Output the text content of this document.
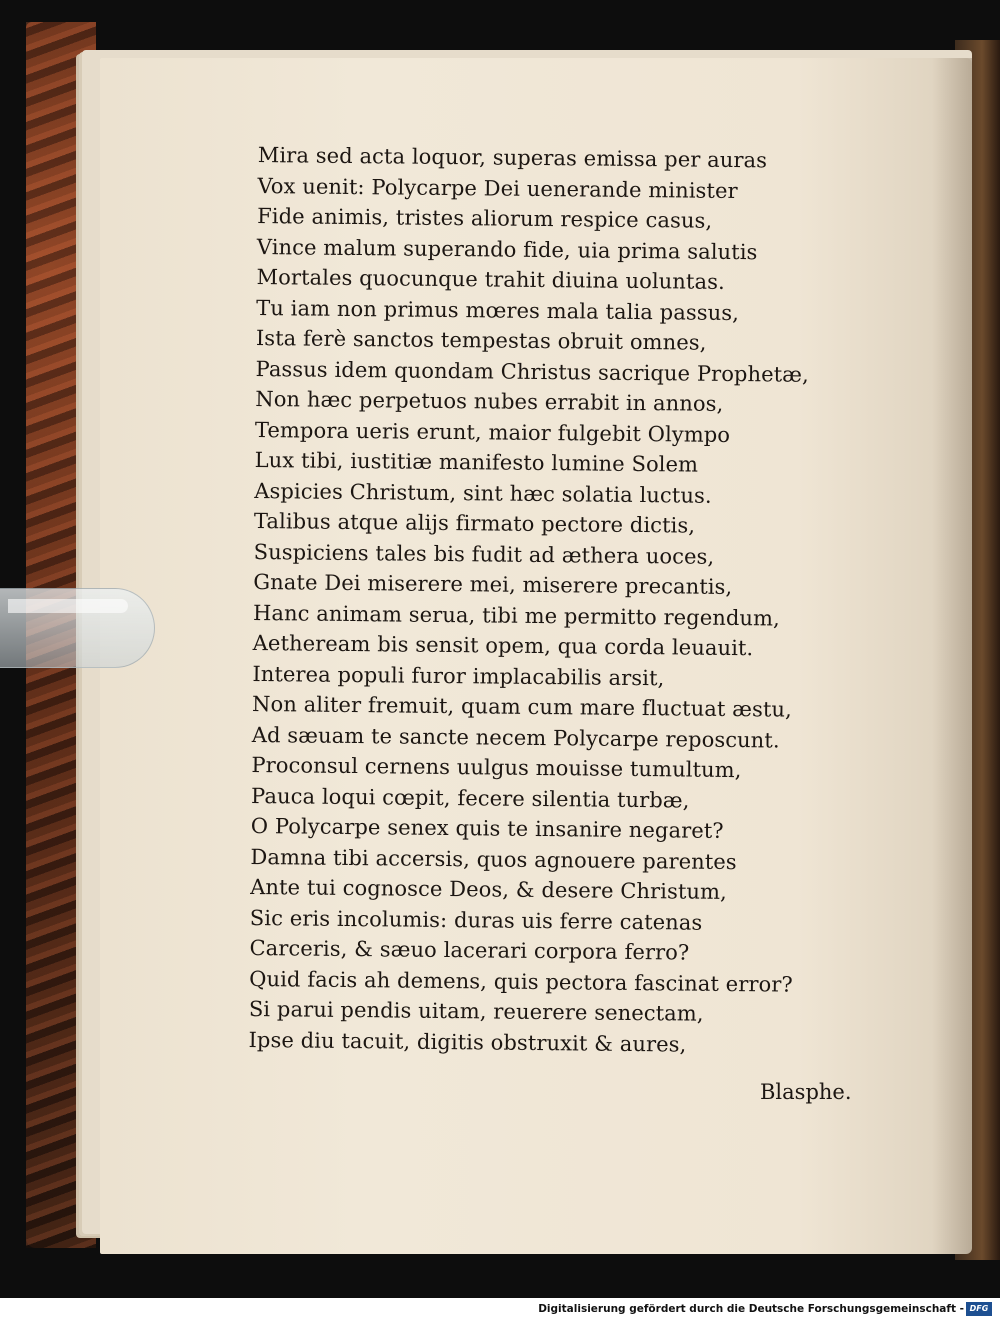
Mira sed acta loquor, superas emissa per auras
Vox uenit: Polycarpe Dei uenerande minister
Fide animis, tristes aliorum respice casus,
Vince malum superando fide, uia prima salutis
Mortales quocunque trahit diuina uoluntas.
Tu iam non primus mœres mala talia passus,
Ista ferè sanctos tempestas obruit omnes,
Passus idem quondam Christus sacrique Prophetæ,
Non hæc perpetuos nubes errabit in annos,
Tempora ueris erunt, maior fulgebit Olympo
Lux tibi, iustitiæ manifesto lumine Solem
Aspicies Christum, sint hæc solatia luctus.
Talibus atque alijs firmato pectore dictis,
Suspiciens tales bis fudit ad æthera uoces,
Gnate Dei miserere mei, miserere precantis,
Hanc animam serua, tibi me permitto regendum,
Aetheream bis sensit opem, qua corda leuauit.
Interea populi furor implacabilis arsit,
Non aliter fremuit, quam cum mare fluctuat æstu,
Ad sæuam te sancte necem Polycarpe reposcunt.
Proconsul cernens uulgus mouisse tumultum,
Pauca loqui cœpit, fecere silentia turbæ,
O Polycarpe senex quis te insanire negaret?
Damna tibi accersis, quos agnouere parentes
Ante tui cognosce Deos, & desere Christum,
Sic eris incolumis: duras uis ferre catenas
Carceris, & sæuo lacerari corpora ferro?
Quid facis ah demens, quis pectora fascinat error?
Si parui pendis uitam, reuerere senectam,
Ipse diu tacuit, digitis obstruxit & aures,
Blasphe.
Digitalisierung gefördert durch die Deutsche Forschungsgemeinschaft - DFG
